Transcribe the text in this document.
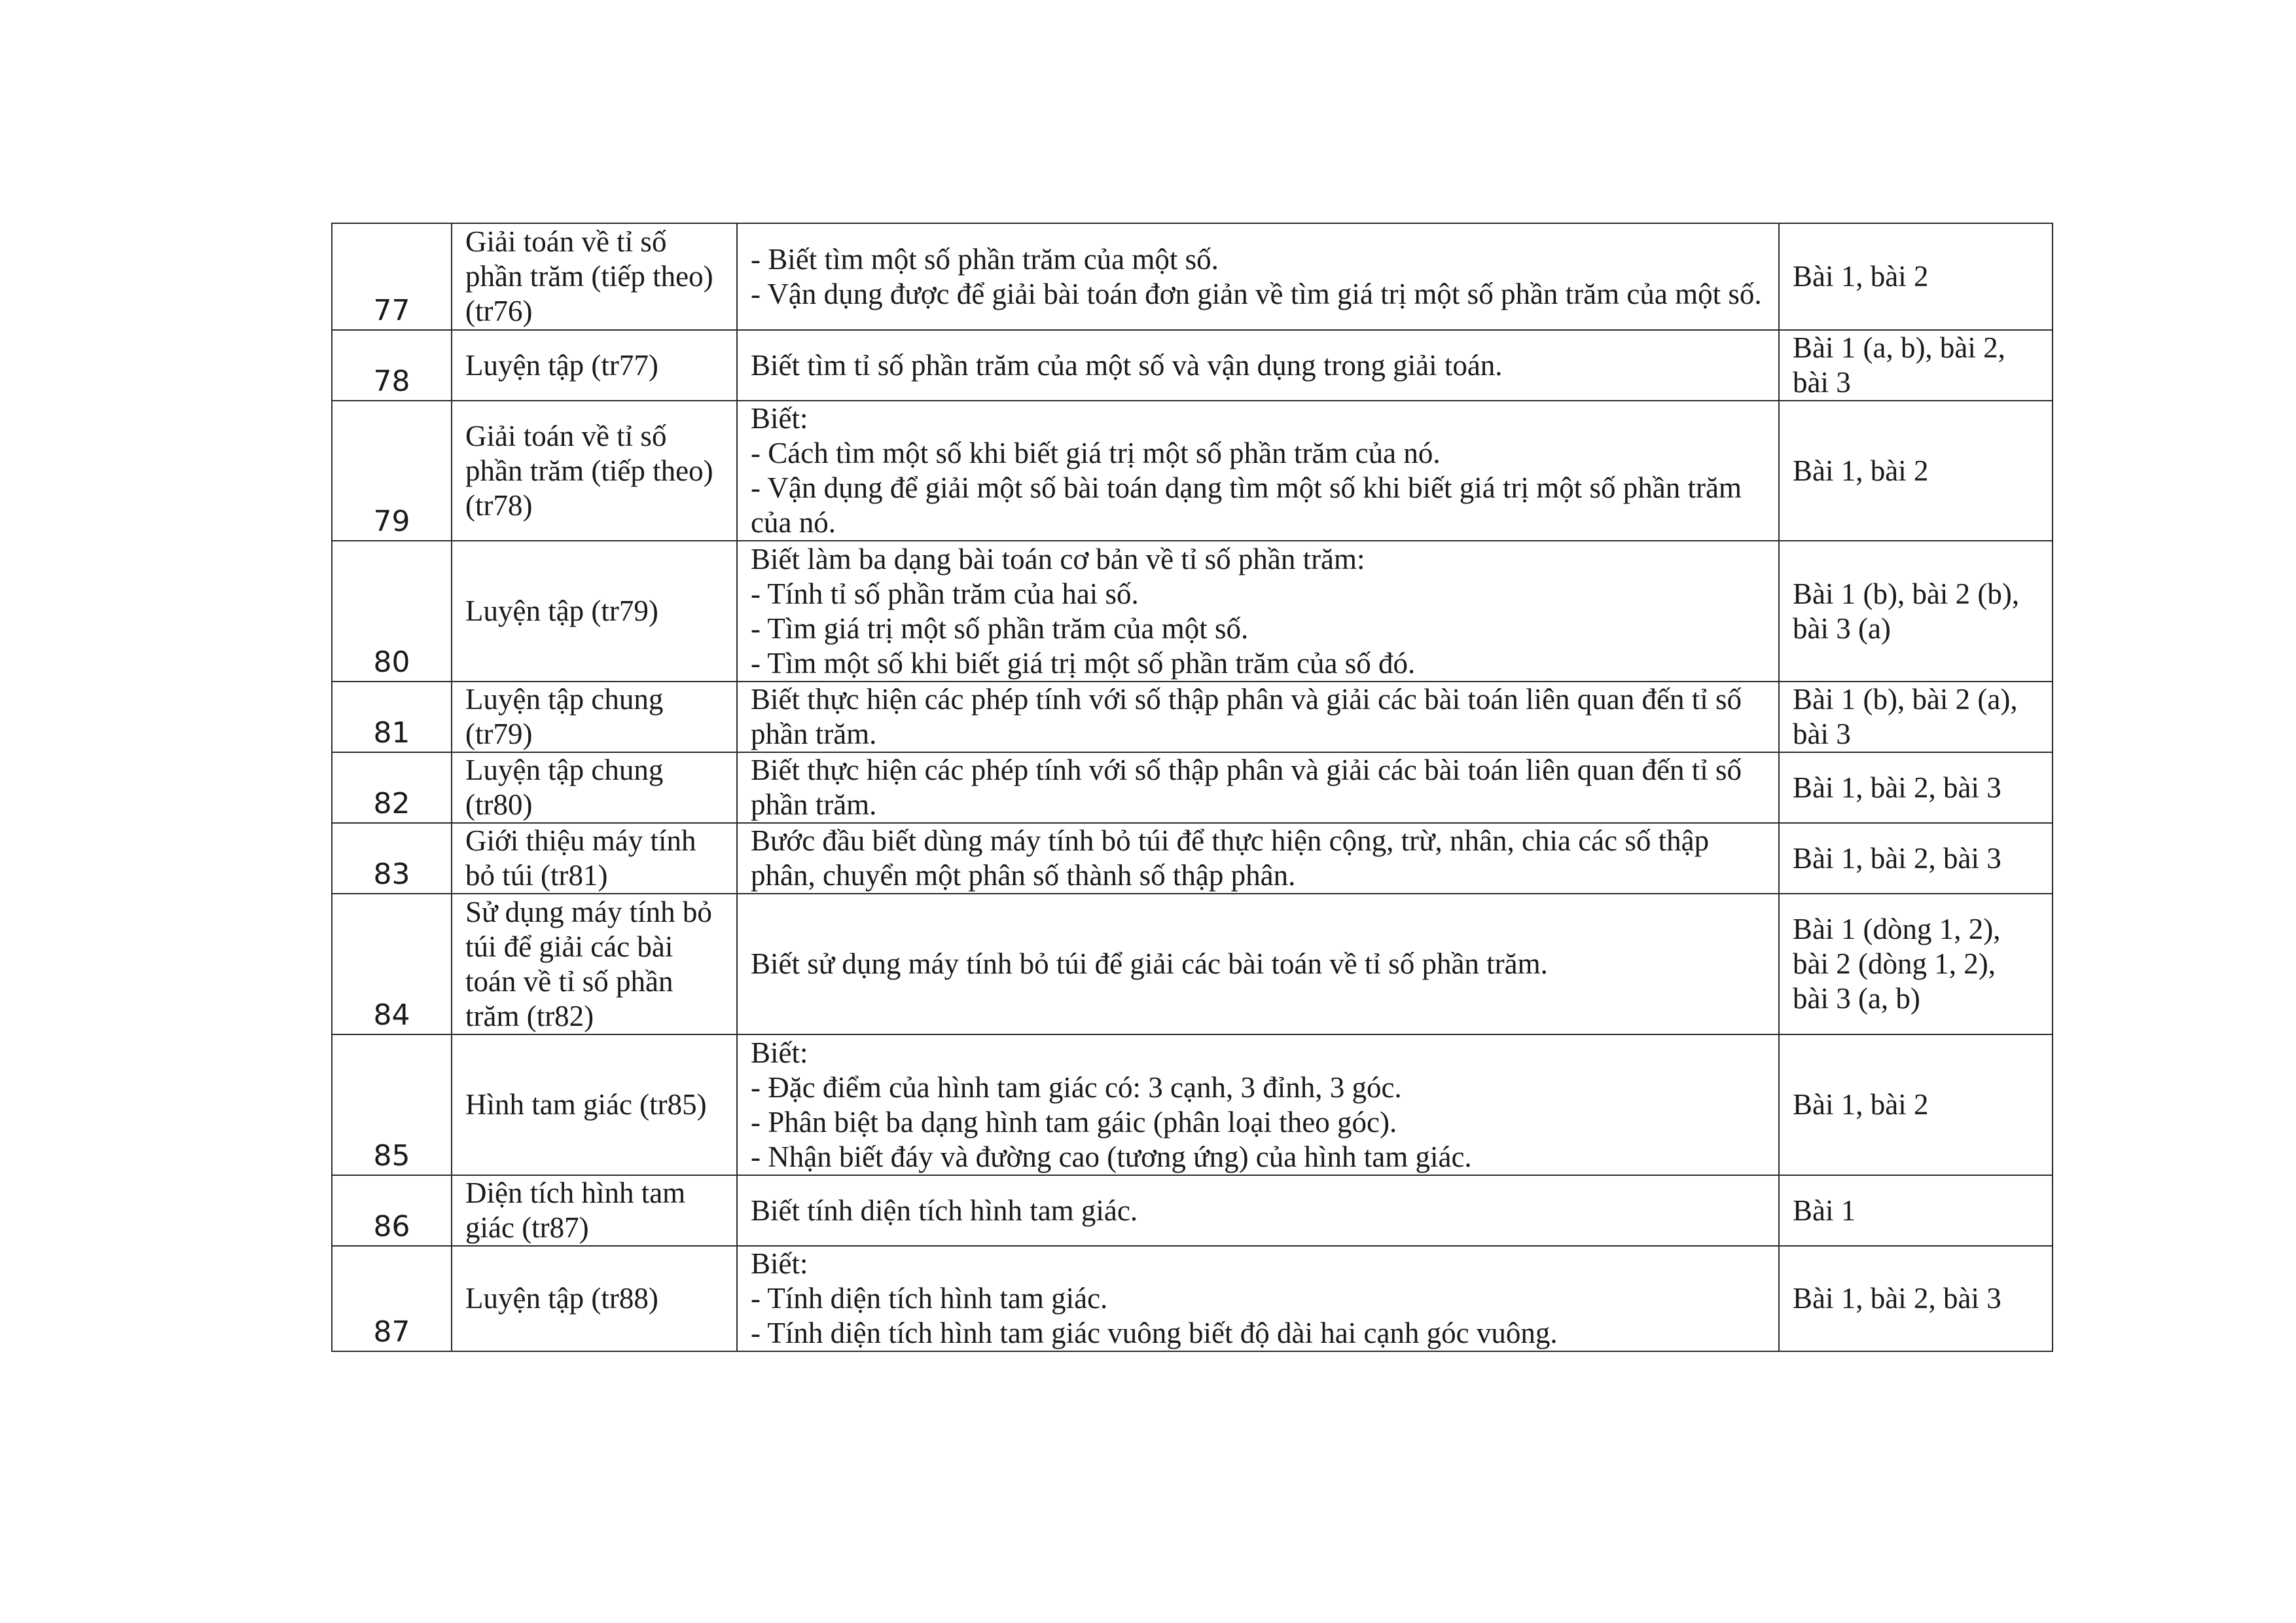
77	Giải toán về tỉ số phần trăm (tiếp theo) (tr76)	- Biết tìm một số phần trăm của một số.
- Vận dụng được để giải bài toán đơn giản về tìm giá trị một số phần trăm của một số.	Bài 1, bài 2
78	Luyện tập (tr77)	Biết tìm tỉ số phần trăm của một số và vận dụng trong giải toán.	Bài 1 (a, b), bài 2, bài 3
79	Giải toán về tỉ số phần trăm (tiếp theo) (tr78)	Biết:
- Cách tìm một số khi biết giá trị một số phần trăm của nó.
- Vận dụng để giải một số bài toán dạng tìm một số khi biết giá trị một số phần trăm của nó.	Bài 1, bài 2
80	Luyện tập (tr79)	Biết làm ba dạng bài toán cơ bản về tỉ số phần trăm:
- Tính tỉ số phần trăm của hai số.
- Tìm giá trị một số phần trăm của một số.
- Tìm một số khi biết giá trị một số phần trăm của số đó.	Bài 1 (b), bài 2 (b), bài 3 (a)
81	Luyện tập chung (tr79)	Biết thực hiện các phép tính với số thập phân và giải các bài toán liên quan đến tỉ số phần trăm.	Bài 1 (b), bài 2 (a), bài 3
82	Luyện tập chung (tr80)	Biết thực hiện các phép tính với số thập phân và giải các bài toán liên quan đến tỉ số phần trăm.	Bài 1, bài 2, bài 3
83	Giới thiệu máy tính bỏ túi (tr81)	Bước đầu biết dùng máy tính bỏ túi để thực hiện cộng, trừ, nhân, chia các số thập phân, chuyển một phân số thành số thập phân.	Bài 1, bài 2, bài 3
84	Sử dụng máy tính bỏ túi để giải các bài toán về tỉ số phần trăm (tr82)	Biết sử dụng máy tính bỏ túi để giải các bài toán về tỉ số phần trăm.	Bài 1 (dòng 1, 2), bài 2 (dòng 1, 2), bài 3 (a, b)
85	Hình tam giác (tr85)	Biết:
- Đặc điểm của hình tam giác có: 3 cạnh, 3 đỉnh, 3 góc.
- Phân biệt ba dạng hình tam gáic (phân loại theo góc).
- Nhận biết đáy và đường cao (tương ứng) của hình tam giác.	Bài 1, bài 2
86	Diện tích hình tam giác (tr87)	Biết tính diện tích hình tam giác.	Bài 1
87	Luyện tập (tr88)	Biết:
- Tính diện tích hình tam giác.
- Tính diện tích hình tam giác vuông biết độ dài hai cạnh góc vuông.	Bài 1, bài 2, bài 3
